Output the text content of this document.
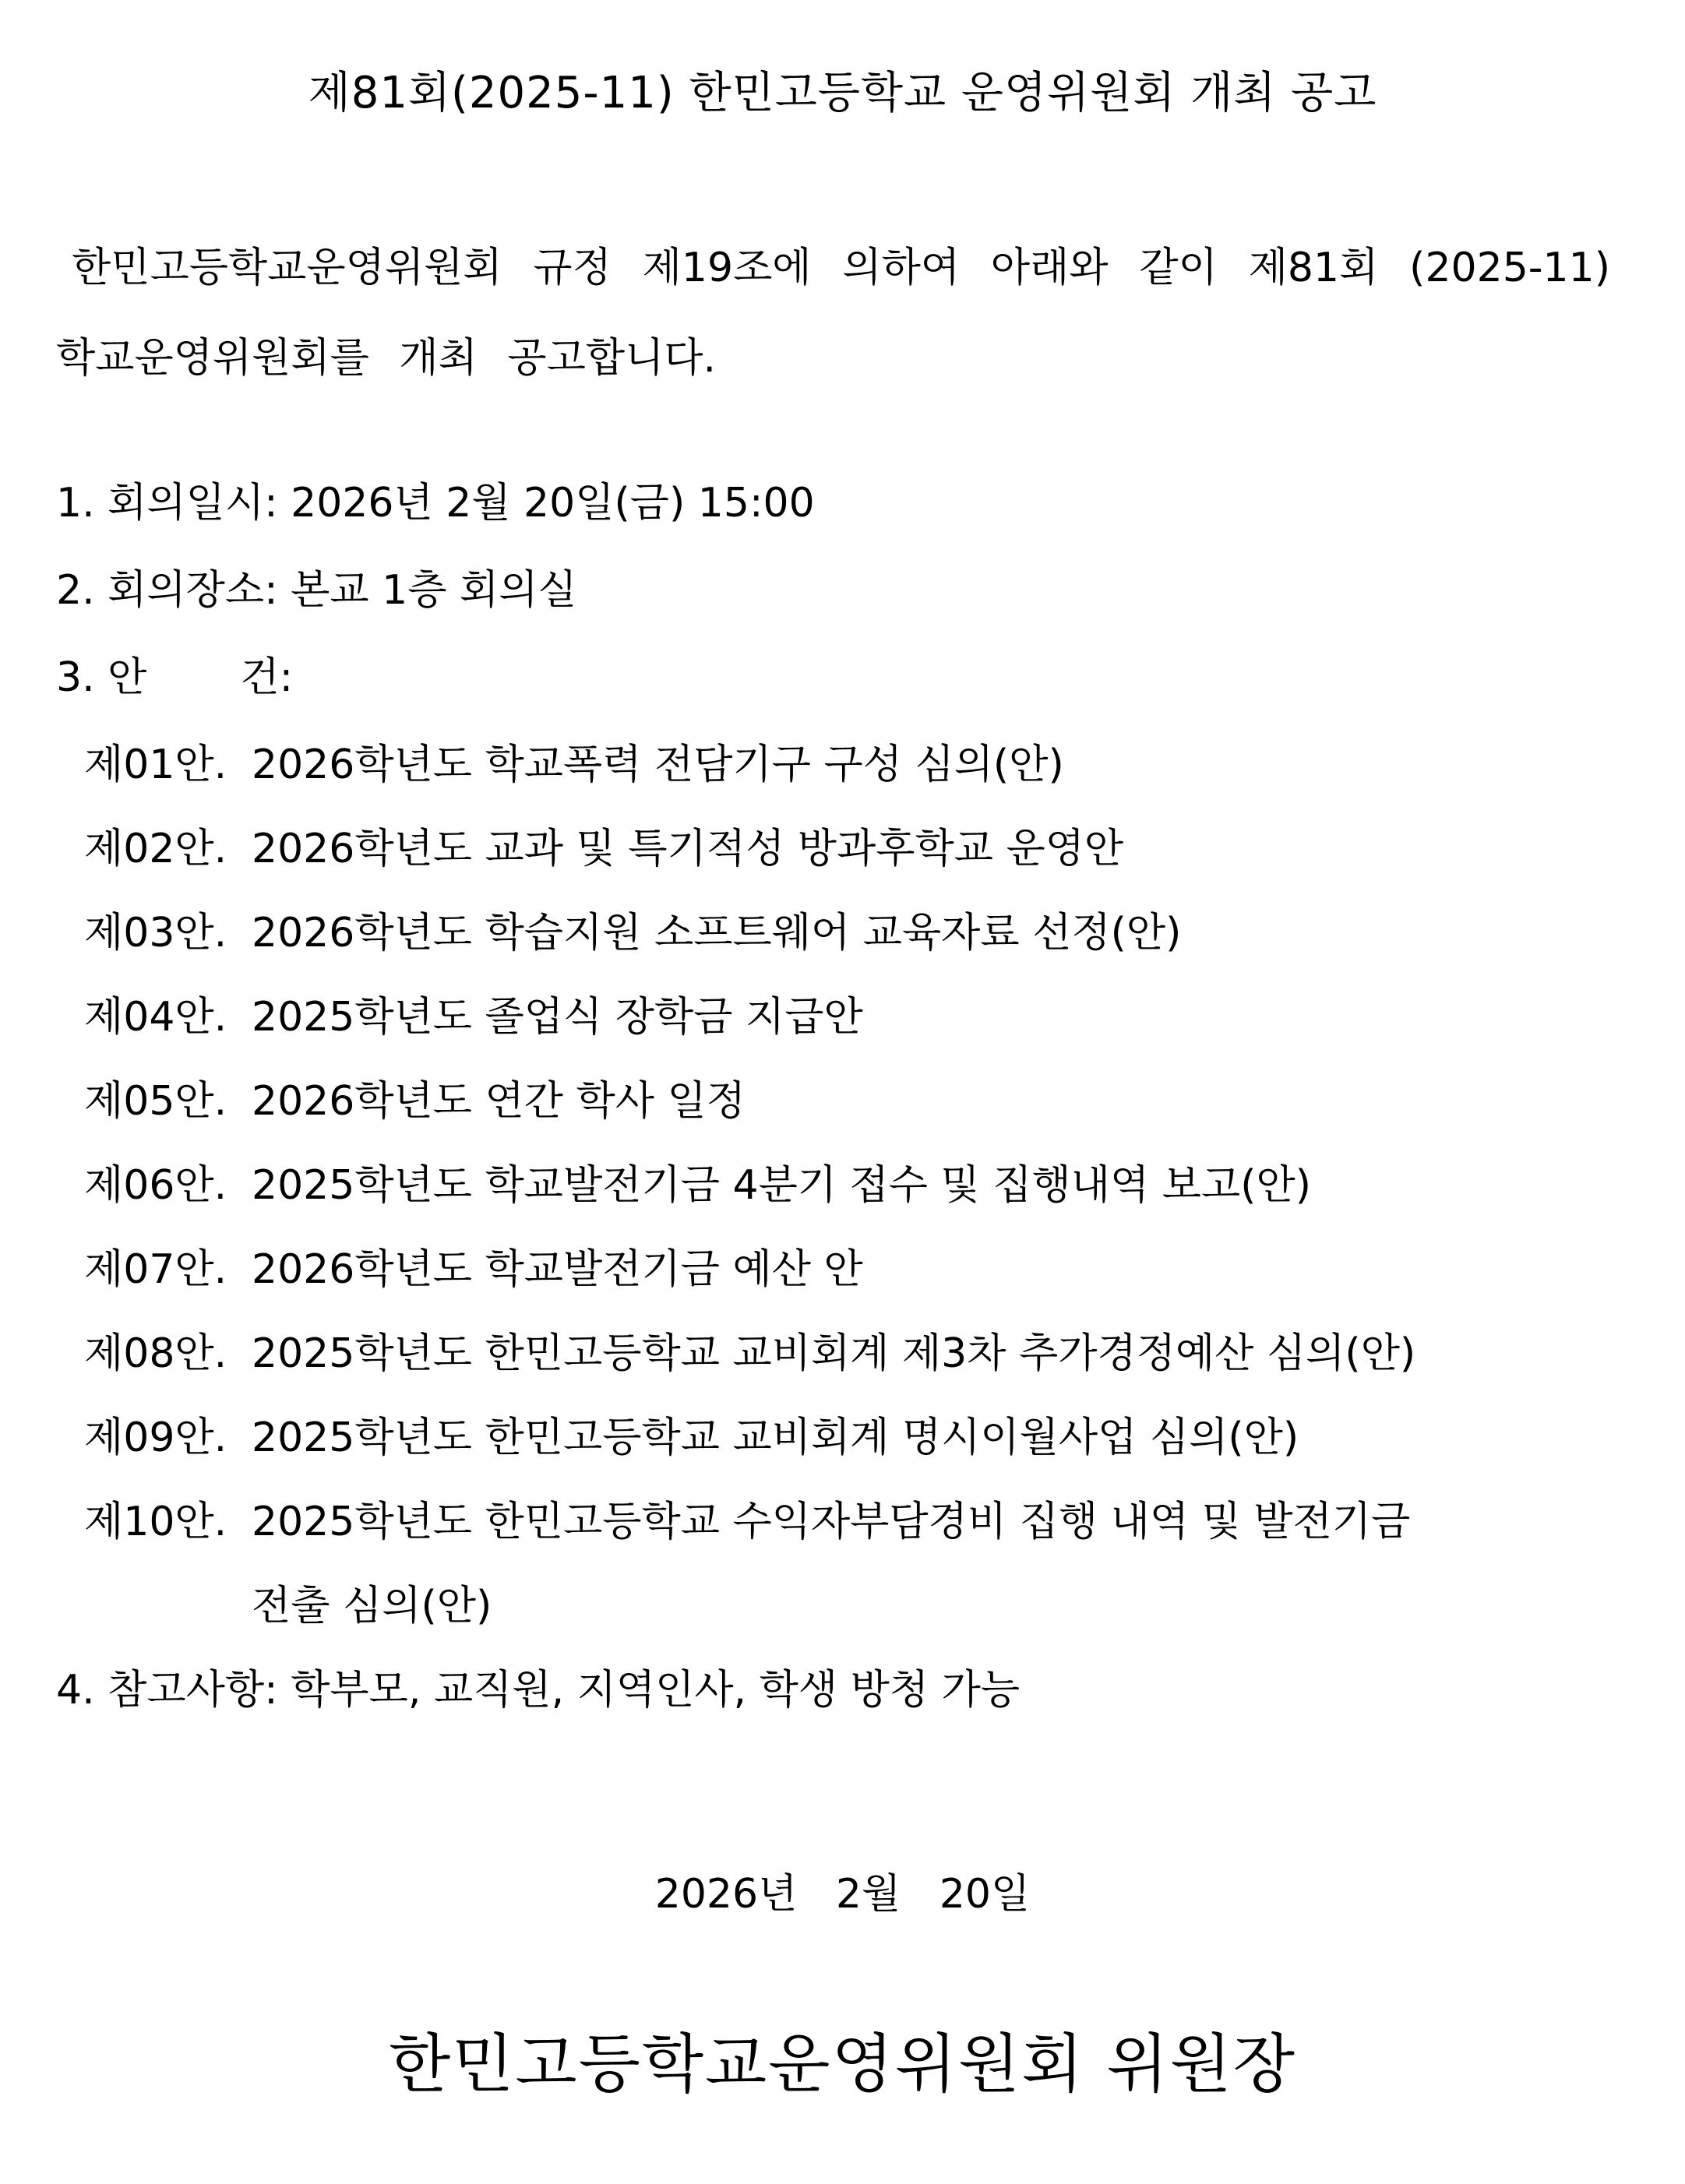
제81회(2025-11) 한민고등학교 운영위원회 개최 공고
한민고등학교운영위원회 규정 제19조에 의하여 아래와 같이 제81회 (2025-11) 학교운영위원회를 개최 공고합니다.
1. 회의일시: 2026년 2월 20일(금) 15:00
2. 회의장소: 본교 1층 회의실
3. 안 건:
제01안. 2026학년도 학교폭력 전담기구 구성 심의(안)
제02안. 2026학년도 교과 및 특기적성 방과후학교 운영안
제03안. 2026학년도 학습지원 소프트웨어 교육자료 선정(안)
제04안. 2025학년도 졸업식 장학금 지급안
제05안. 2026학년도 연간 학사 일정
제06안. 2025학년도 학교발전기금 4분기 접수 및 집행내역 보고(안)
제07안. 2026학년도 학교발전기금 예산 안
제08안. 2025학년도 한민고등학교 교비회계 제3차 추가경정예산 심의(안)
제09안. 2025학년도 한민고등학교 교비회계 명시이월사업 심의(안)
제10안. 2025학년도 한민고등학교 수익자부담경비 집행 내역 및 발전기금
전출 심의(안)
4. 참고사항: 학부모, 교직원, 지역인사, 학생 방청 가능
2026년   2월   20일
한민고등학교운영위원회 위원장
